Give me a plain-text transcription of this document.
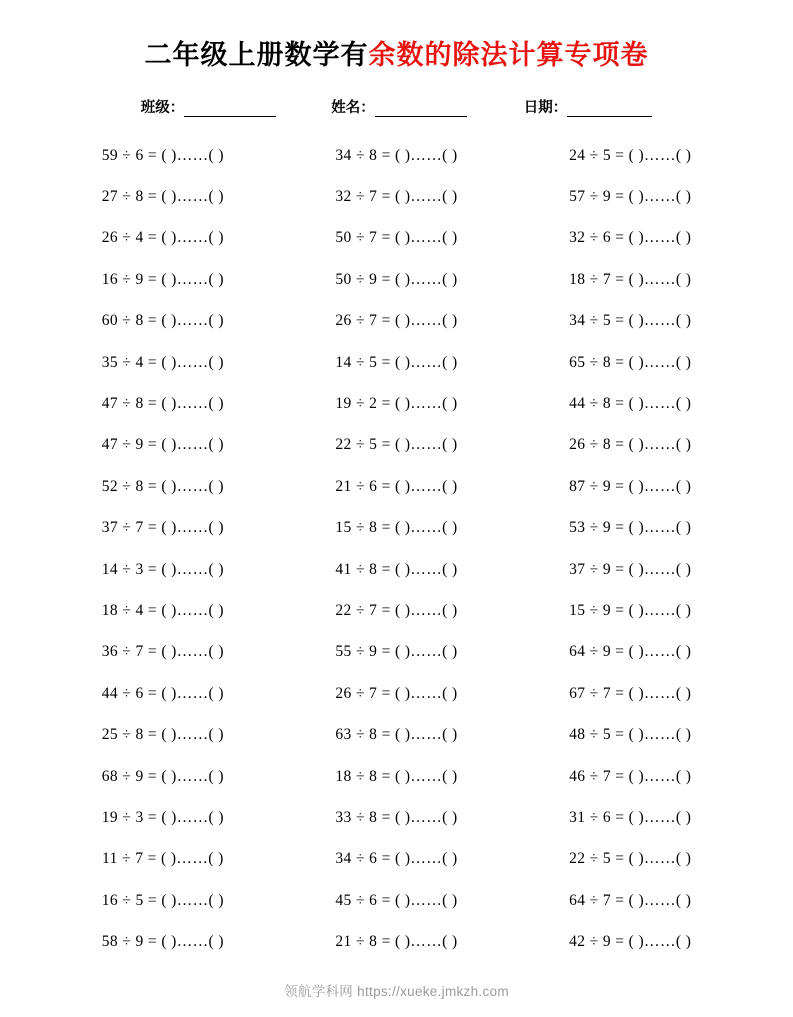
二年级上册数学有余数的除法计算专项卷
班级：	姓名：	日期：
59 ÷ 6 = ( )……( )	34 ÷ 8 = ( )……( )	24 ÷ 5 = ( )……( )
27 ÷ 8 = ( )……( )	32 ÷ 7 = ( )……( )	57 ÷ 9 = ( )……( )
26 ÷ 4 = ( )……( )	50 ÷ 7 = ( )……( )	32 ÷ 6 = ( )……( )
16 ÷ 9 = ( )……( )	50 ÷ 9 = ( )……( )	18 ÷ 7 = ( )……( )
60 ÷ 8 = ( )……( )	26 ÷ 7 = ( )……( )	34 ÷ 5 = ( )……( )
35 ÷ 4 = ( )……( )	14 ÷ 5 = ( )……( )	65 ÷ 8 = ( )……( )
47 ÷ 8 = ( )……( )	19 ÷ 2 = ( )……( )	44 ÷ 8 = ( )……( )
47 ÷ 9 = ( )……( )	22 ÷ 5 = ( )……( )	26 ÷ 8 = ( )……( )
52 ÷ 8 = ( )……( )	21 ÷ 6 = ( )……( )	87 ÷ 9 = ( )……( )
37 ÷ 7 = ( )……( )	15 ÷ 8 = ( )……( )	53 ÷ 9 = ( )……( )
14 ÷ 3 = ( )……( )	41 ÷ 8 = ( )……( )	37 ÷ 9 = ( )……( )
18 ÷ 4 = ( )……( )	22 ÷ 7 = ( )……( )	15 ÷ 9 = ( )……( )
36 ÷ 7 = ( )……( )	55 ÷ 9 = ( )……( )	64 ÷ 9 = ( )……( )
44 ÷ 6 = ( )……( )	26 ÷ 7 = ( )……( )	67 ÷ 7 = ( )……( )
25 ÷ 8 = ( )……( )	63 ÷ 8 = ( )……( )	48 ÷ 5 = ( )……( )
68 ÷ 9 = ( )……( )	18 ÷ 8 = ( )……( )	46 ÷ 7 = ( )……( )
19 ÷ 3 = ( )……( )	33 ÷ 8 = ( )……( )	31 ÷ 6 = ( )……( )
11 ÷ 7 = ( )……( )	34 ÷ 6 = ( )……( )	22 ÷ 5 = ( )……( )
16 ÷ 5 = ( )……( )	45 ÷ 6 = ( )……( )	64 ÷ 7 = ( )……( )
58 ÷ 9 = ( )……( )	21 ÷ 8 = ( )……( )	42 ÷ 9 = ( )……( )
领航学科网 https://xueke.jmkzh.com
